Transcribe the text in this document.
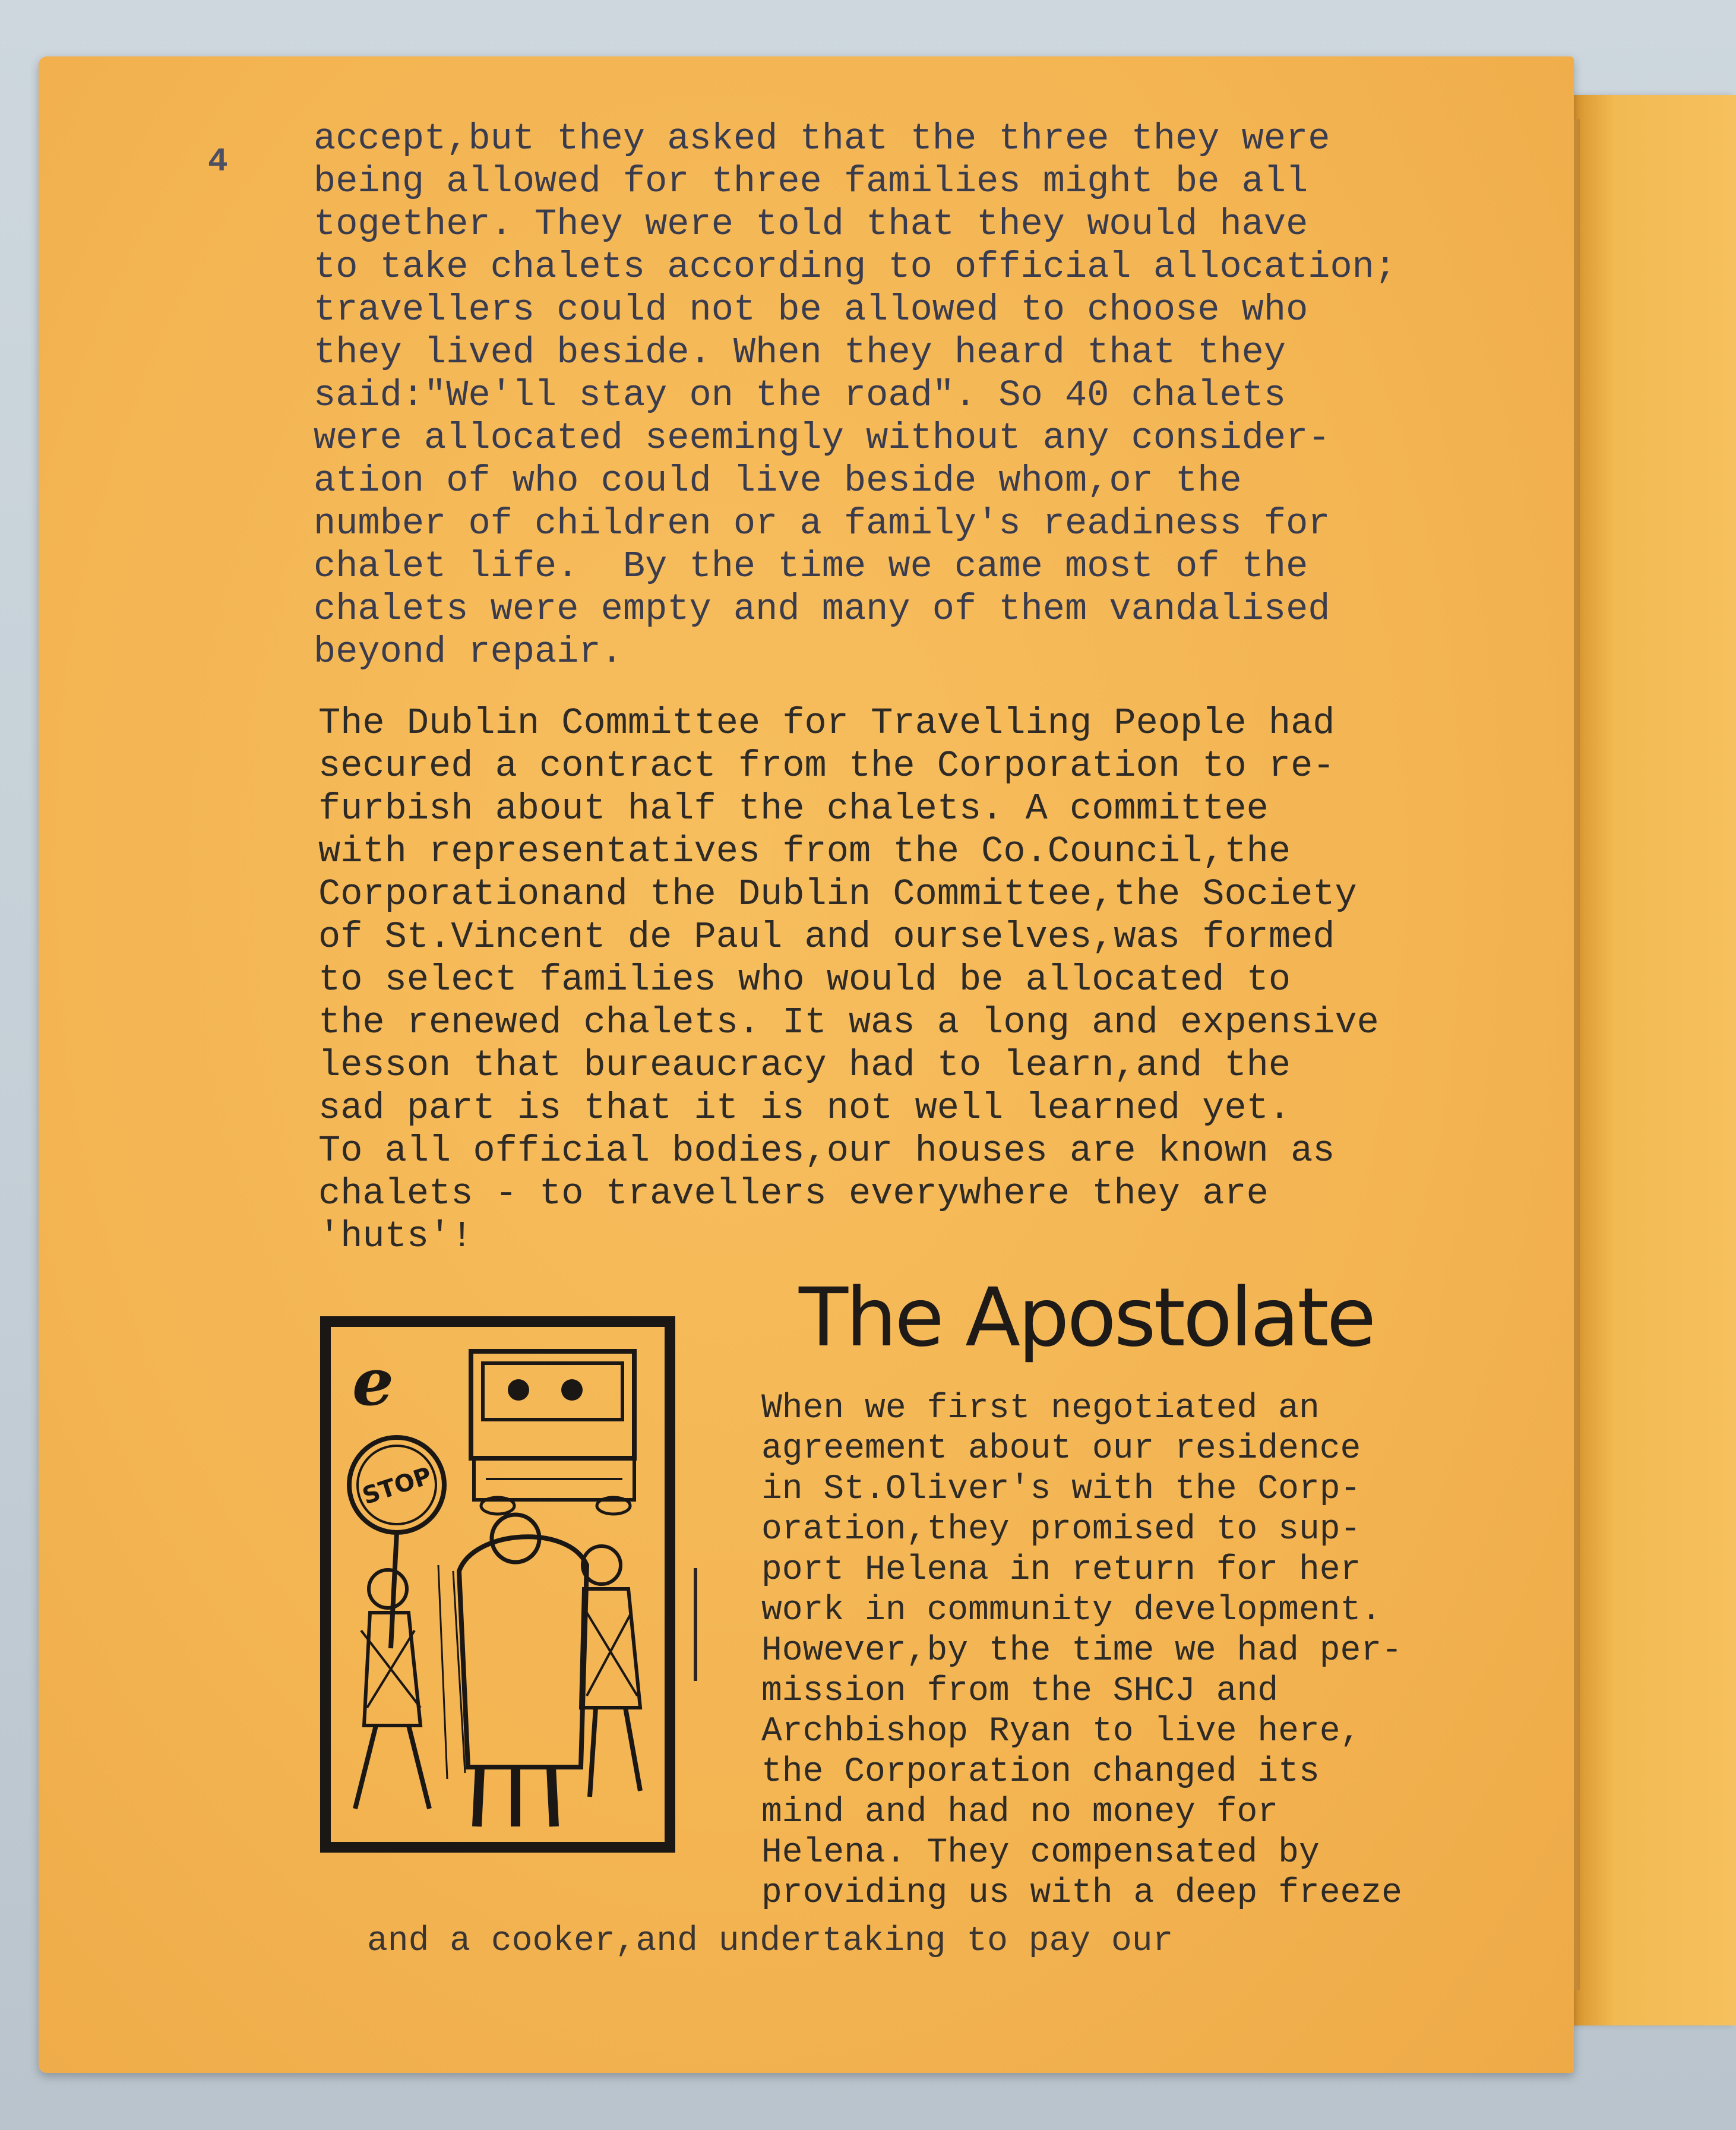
4

accept,but they asked that the three they were
being allowed for three families might be all
together. They were told that they would have
to take chalets according to official allocation;
travellers could not be allowed to choose who
they lived beside. When they heard that they
said:"We'll stay on the road". So 40 chalets
were allocated seemingly without any consider-
ation of who could live beside whom,or the
number of children or a family's readiness for
chalet life.  By the time we came most of the
chalets were empty and many of them vandalised
beyond repair.

The Dublin Committee for Travelling People had
secured a contract from the Corporation to re-
furbish about half the chalets. A committee
with representatives from the Co.Council,the
Corporationand the Dublin Committee,the Society
of St.Vincent de Paul and ourselves,was formed
to select families who would be allocated to
the renewed chalets. It was a long and expensive
lesson that bureaucracy had to learn,and the
sad part is that it is not well learned yet.
To all official bodies,our houses are known as
chalets - to travellers everywhere they are
'huts'!

The Apostolate
e
STOP

When we first negotiated an
agreement about our residence
in St.Oliver's with the Corp-
oration,they promised to sup-
port Helena in return for her
work in community development.
However,by the time we had per-
mission from the SHCJ and
Archbishop Ryan to live here,
the Corporation changed its
mind and had no money for
Helena. They compensated by
providing us with a deep freeze

and a cooker,and undertaking to pay our
